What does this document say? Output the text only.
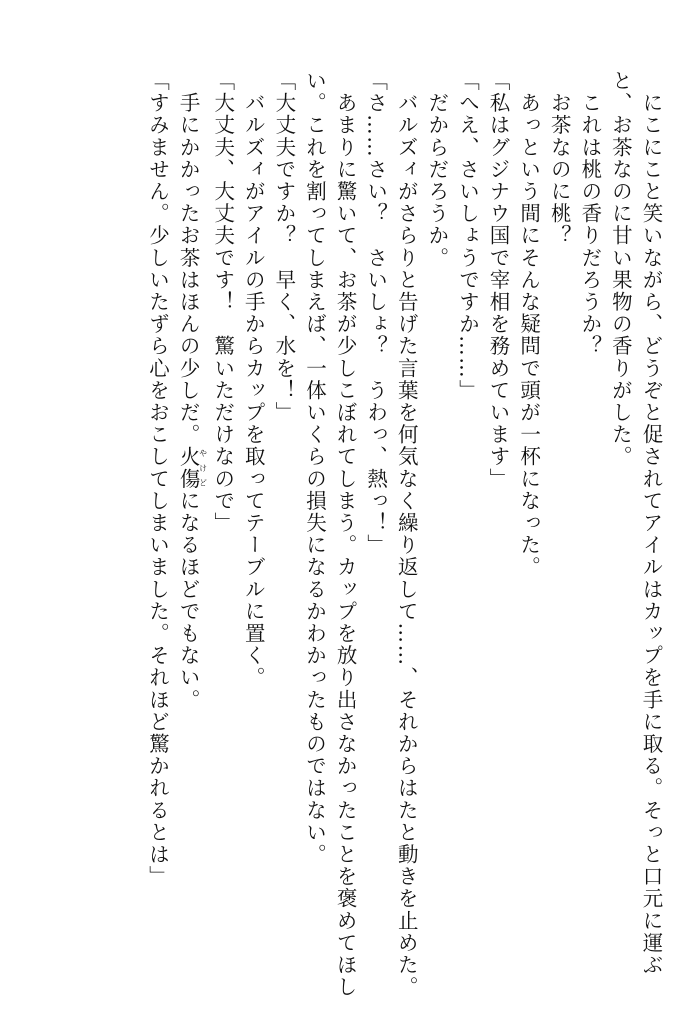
　にこにこと笑いながら、どうぞと促されてアイルはカップを手に取る。そっと口元に運ぶ

と、お茶なのに甘い果物の香りがした。

　これは桃の香りだろうか？

　お茶なのに桃？

　あっという間にそんな疑問で頭が一杯になった。

「私はグジナウ国で宰相を務めています」

「へえ、さいしょうですか……」

　だからだろうか。

　バルズィがさらりと告げた言葉を何気なく繰り返して……、それからはたと動きを止めた。

「さ……さい？　さいしょ？　うわっ、熱っ！」

　あまりに驚いて、お茶が少しこぼれてしまう。カップを放り出さなかったことを褒めてほし

い。これを割ってしまえば、一体いくらの損失になるかわかったものではない。

「大丈夫ですか？　早く、水を！」

　バルズィがアイルの手からカップを取ってテーブルに置く。

「大丈夫、大丈夫です！　驚いただけなので」

　手にかかったお茶はほんの少しだ。火傷やけどになるほどでもない。

「すみません。少しいたずら心をおこしてしまいました。それほど驚かれるとは」
